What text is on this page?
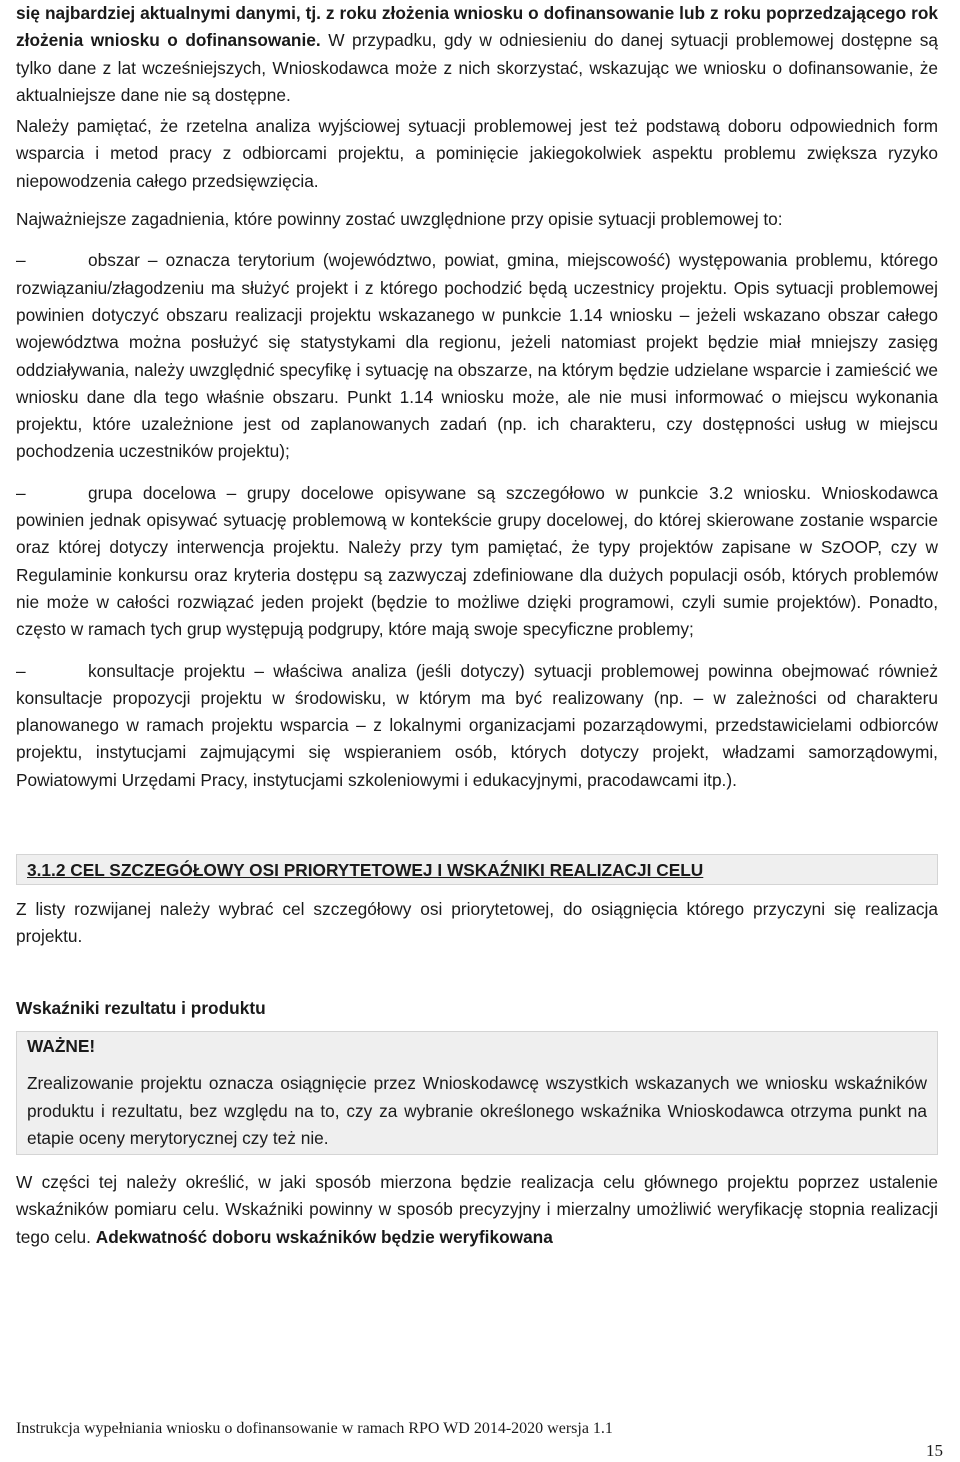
się najbardziej aktualnymi danymi, tj. z roku złożenia wniosku o dofinansowanie lub z roku poprzedzającego rok złożenia wniosku o dofinansowanie. W przypadku, gdy w odniesieniu do danej sytuacji problemowej dostępne są tylko dane z lat wcześniejszych, Wnioskodawca może z nich skorzystać, wskazując we wniosku o dofinansowanie, że aktualniejsze dane nie są dostępne.

Należy pamiętać, że rzetelna analiza wyjściowej sytuacji problemowej jest też podstawą doboru odpowiednich form wsparcia i metod pracy z odbiorcami projektu, a pominięcie jakiegokolwiek aspektu problemu zwiększa ryzyko niepowodzenia całego przedsięwzięcia.

Najważniejsze zagadnienia, które powinny zostać uwzględnione przy opisie sytuacji problemowej to:

–	obszar – oznacza terytorium (województwo, powiat, gmina, miejscowość) występowania problemu, którego rozwiązaniu/złagodzeniu ma służyć projekt i z którego pochodzić będą uczestnicy projektu. Opis sytuacji problemowej powinien dotyczyć obszaru realizacji projektu wskazanego w punkcie 1.14 wniosku – jeżeli wskazano obszar całego województwa można posłużyć się statystykami dla regionu, jeżeli natomiast projekt będzie miał mniejszy zasięg oddziaływania, należy uwzględnić specyfikę i sytuację na obszarze, na którym będzie udzielane wsparcie i zamieścić we wniosku dane dla tego właśnie obszaru. Punkt 1.14 wniosku może, ale nie musi informować o miejscu wykonania projektu, które uzależnione jest od zaplanowanych zadań (np. ich charakteru, czy dostępności usług w miejscu pochodzenia uczestników projektu);

–	grupa docelowa – grupy docelowe opisywane są szczegółowo w punkcie 3.2 wniosku. Wnioskodawca powinien jednak opisywać sytuację problemową w kontekście grupy docelowej, do której skierowane zostanie wsparcie oraz której dotyczy interwencja projektu. Należy przy tym pamiętać, że typy projektów zapisane w SzOOP, czy w Regulaminie konkursu oraz kryteria dostępu są zazwyczaj zdefiniowane dla dużych populacji osób, których problemów nie może w całości rozwiązać jeden projekt (będzie to możliwe dzięki programowi, czyli sumie projektów). Ponadto, często w ramach tych grup występują podgrupy, które mają swoje specyficzne problemy;

–	konsultacje projektu – właściwa analiza (jeśli dotyczy) sytuacji problemowej powinna obejmować również konsultacje propozycji projektu w środowisku, w którym ma być realizowany (np. – w zależności od charakteru planowanego w ramach projektu wsparcia – z lokalnymi organizacjami pozarządowymi, przedstawicielami odbiorców projektu, instytucjami zajmującymi się wspieraniem osób, których dotyczy projekt, władzami samorządowymi, Powiatowymi Urzędami Pracy, instytucjami szkoleniowymi i edukacyjnymi, pracodawcami itp.).

3.1.2 CEL SZCZEGÓŁOWY OSI PRIORYTETOWEJ I WSKAŹNIKI REALIZACJI CELU

Z listy rozwijanej należy wybrać cel szczegółowy osi priorytetowej, do osiągnięcia którego przyczyni się realizacja projektu.

Wskaźniki rezultatu i produktu

WAŻNE!

Zrealizowanie projektu oznacza osiągnięcie przez Wnioskodawcę wszystkich wskazanych we wniosku wskaźników produktu i rezultatu, bez względu na to, czy za wybranie określonego wskaźnika Wnioskodawca otrzyma punkt na etapie oceny merytorycznej czy też nie.

W części tej należy określić, w jaki sposób mierzona będzie realizacja celu głównego projektu poprzez ustalenie wskaźników pomiaru celu. Wskaźniki powinny w sposób precyzyjny i mierzalny umożliwić weryfikację stopnia realizacji tego celu. Adekwatność doboru wskaźników będzie weryfikowana

Instrukcja wypełniania wniosku o dofinansowanie w ramach RPO WD 2014-2020 wersja 1.1
15
